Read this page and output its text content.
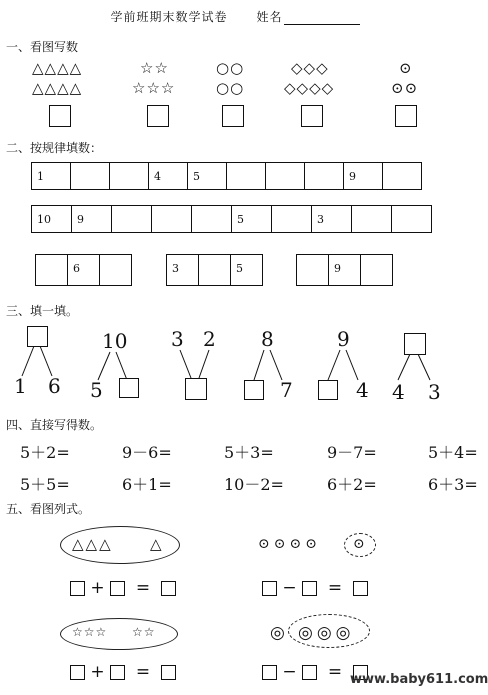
学前班期末数学试卷 姓名
一、看图写数
△△△△
△△△△
☆☆
☆☆☆
○○
○○
◇◇◇
◇◇◇◇
⊙
⊙⊙
二、按规律填数：
1	4	5	9
10	9	5	3
6	3	5	9
三、填一填。
1 6
10
5
3 2 8
7
9
4 4 3
四、直接写得数。
5＋2=	9－6=	5＋3=	9－7=	5＋4=
5＋5=	6＋1=	10－2=	6＋2=	6＋3=
五、看图列式。
△△△ △
+ =
⊙⊙⊙⊙ ⊙
− =
☆☆☆ ☆☆
+ =
◎ ◎◎◎
− = www.baby611.com
